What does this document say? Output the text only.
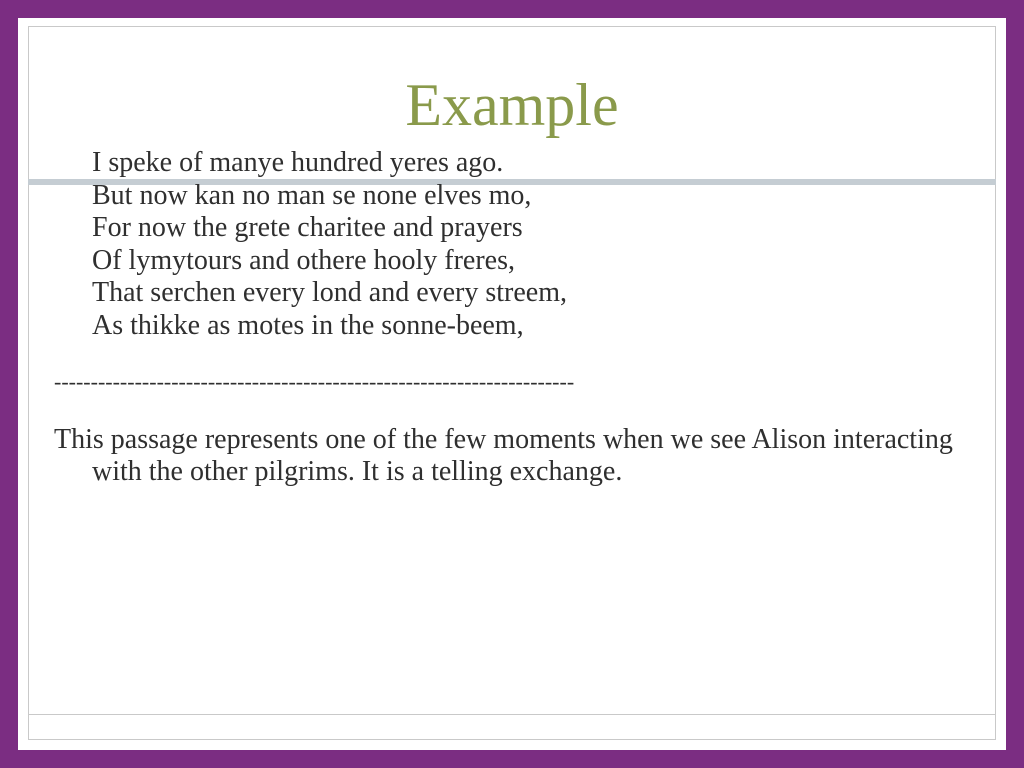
Example
I speke of manye hundred yeres ago.
But now kan no man se none elves mo,
For now the grete charitee and prayers
Of lymytours and othere hooly freres,
That serchen every lond and every streem,
As thikke as motes in the sonne-beem,
-----------------------------------------------------------------------
This passage represents one of the few moments when we see Alison interacting with the other pilgrims. It is a telling exchange.
